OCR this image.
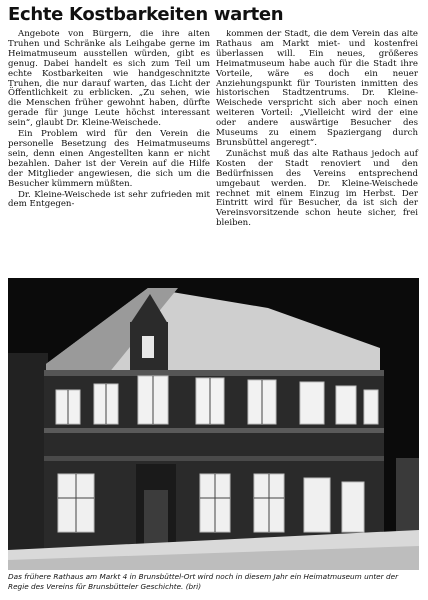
Echte Kostbarkeiten warten

Angebote von Bürgern, die ihre alten Truhen und Schränke als Leihgabe gerne im Heimatmuseum ausstellen würden, gibt es genug. Dabei handelt es sich zum Teil um echte Kostbarkeiten wie handgeschnitzte Truhen, die nur darauf warten, das Licht der Öffentlichkeit zu erblicken. „Zu sehen, wie die Menschen früher gewohnt haben, dürfte gerade für junge Leute höchst interessant sein“, glaubt Dr. Kleine-Weischede.

Ein Problem wird für den Verein die personelle Besetzung des Heimatmuseums sein, denn einen Angestellten kann er nicht bezahlen. Daher ist der Verein auf die Hilfe der Mitglieder angewiesen, die sich um die Besucher kümmern müßten.

Dr. Kleine-Weischede ist sehr zufrieden mit dem Entgegen-

kommen der Stadt, die dem Verein das alte Rathaus am Markt miet- und kostenfrei überlassen will. Ein neues, größeres Heimatmuseum habe auch für die Stadt ihre Vorteile, wäre es doch ein neuer Anziehungspunkt für Touristen inmitten des historischen Stadtzentrums. Dr. Kleine-Weischede verspricht sich aber noch einen weiteren Vorteil: „Vielleicht wird der eine oder andere auswärtige Besucher des Museums zu einem Spaziergang durch Brunsbüttel angeregt“.

Zunächst muß das alte Rathaus jedoch auf Kosten der Stadt renoviert und den Bedürfnissen des Vereins entsprechend umgebaut werden. Dr. Kleine-Weischede rechnet mit einem Einzug im Herbst. Der Eintritt wird für Besucher, da ist sich der Vereinsvorsitzende schon heute sicher, frei bleiben.

Das frühere Rathaus am Markt 4 in Brunsbüttel-Ort wird noch in diesem Jahr ein Heimatmuseum unter der Regie des Vereins für Brunsbütteler Geschichte. (bri)
